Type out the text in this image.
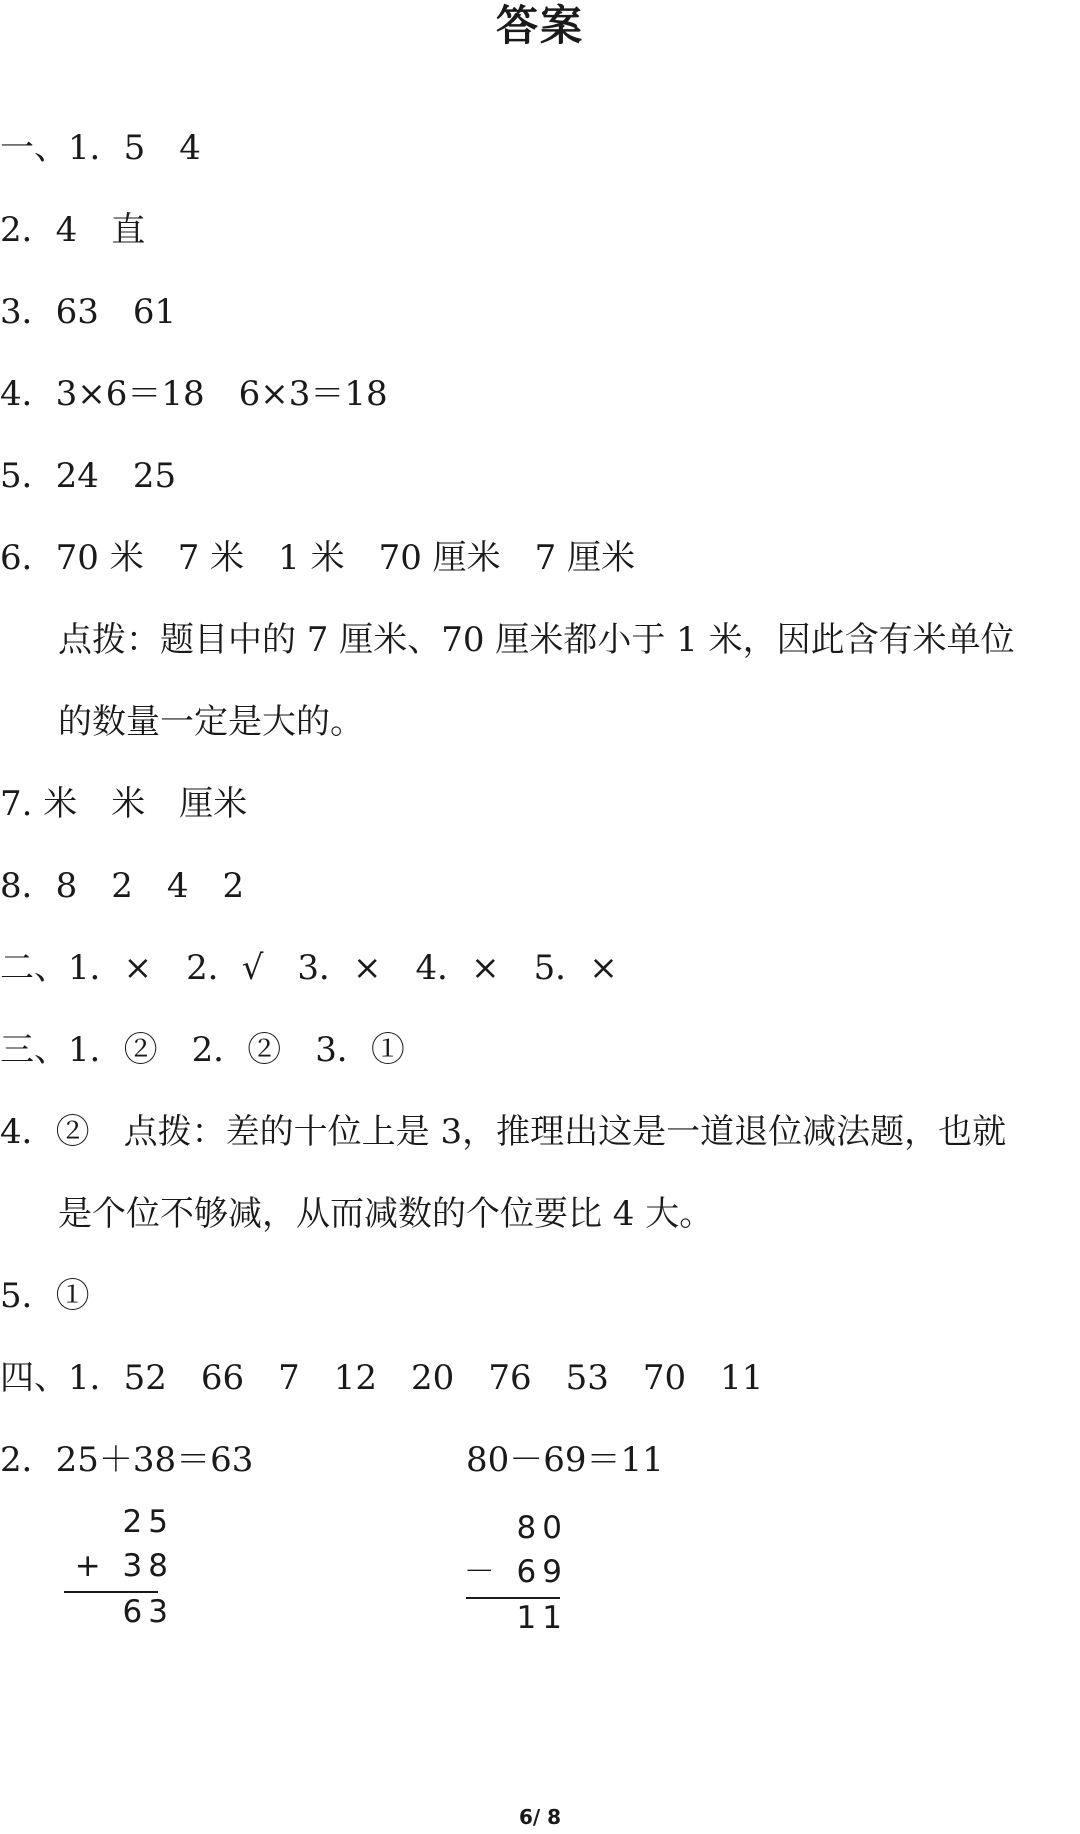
答案
一、1．5　4
2．4　直
3．63　61
4．3×6＝18　6×3＝18
5．24　25
6．70 米　7 米　1 米　70 厘米　7 厘米
点拨：题目中的 7 厘米、70 厘米都小于 1 米，因此含有米单位
的数量一定是大的。
7. 米　米　厘米
8．8　2　4　2
二、1．×　2．√　3．×　4．×　5．×
三、1．②　2．②　3．①
4．②　点拨：差的十位上是 3，推理出这是一道退位减法题，也就
是个位不够减，从而减数的个位要比 4 大。
5．①
四、1．52　66　7　12　20　76　53　70　11
2．25＋38＝63	80－69＝11
25
+ 38
63
80
－ 69
11
6/ 8
